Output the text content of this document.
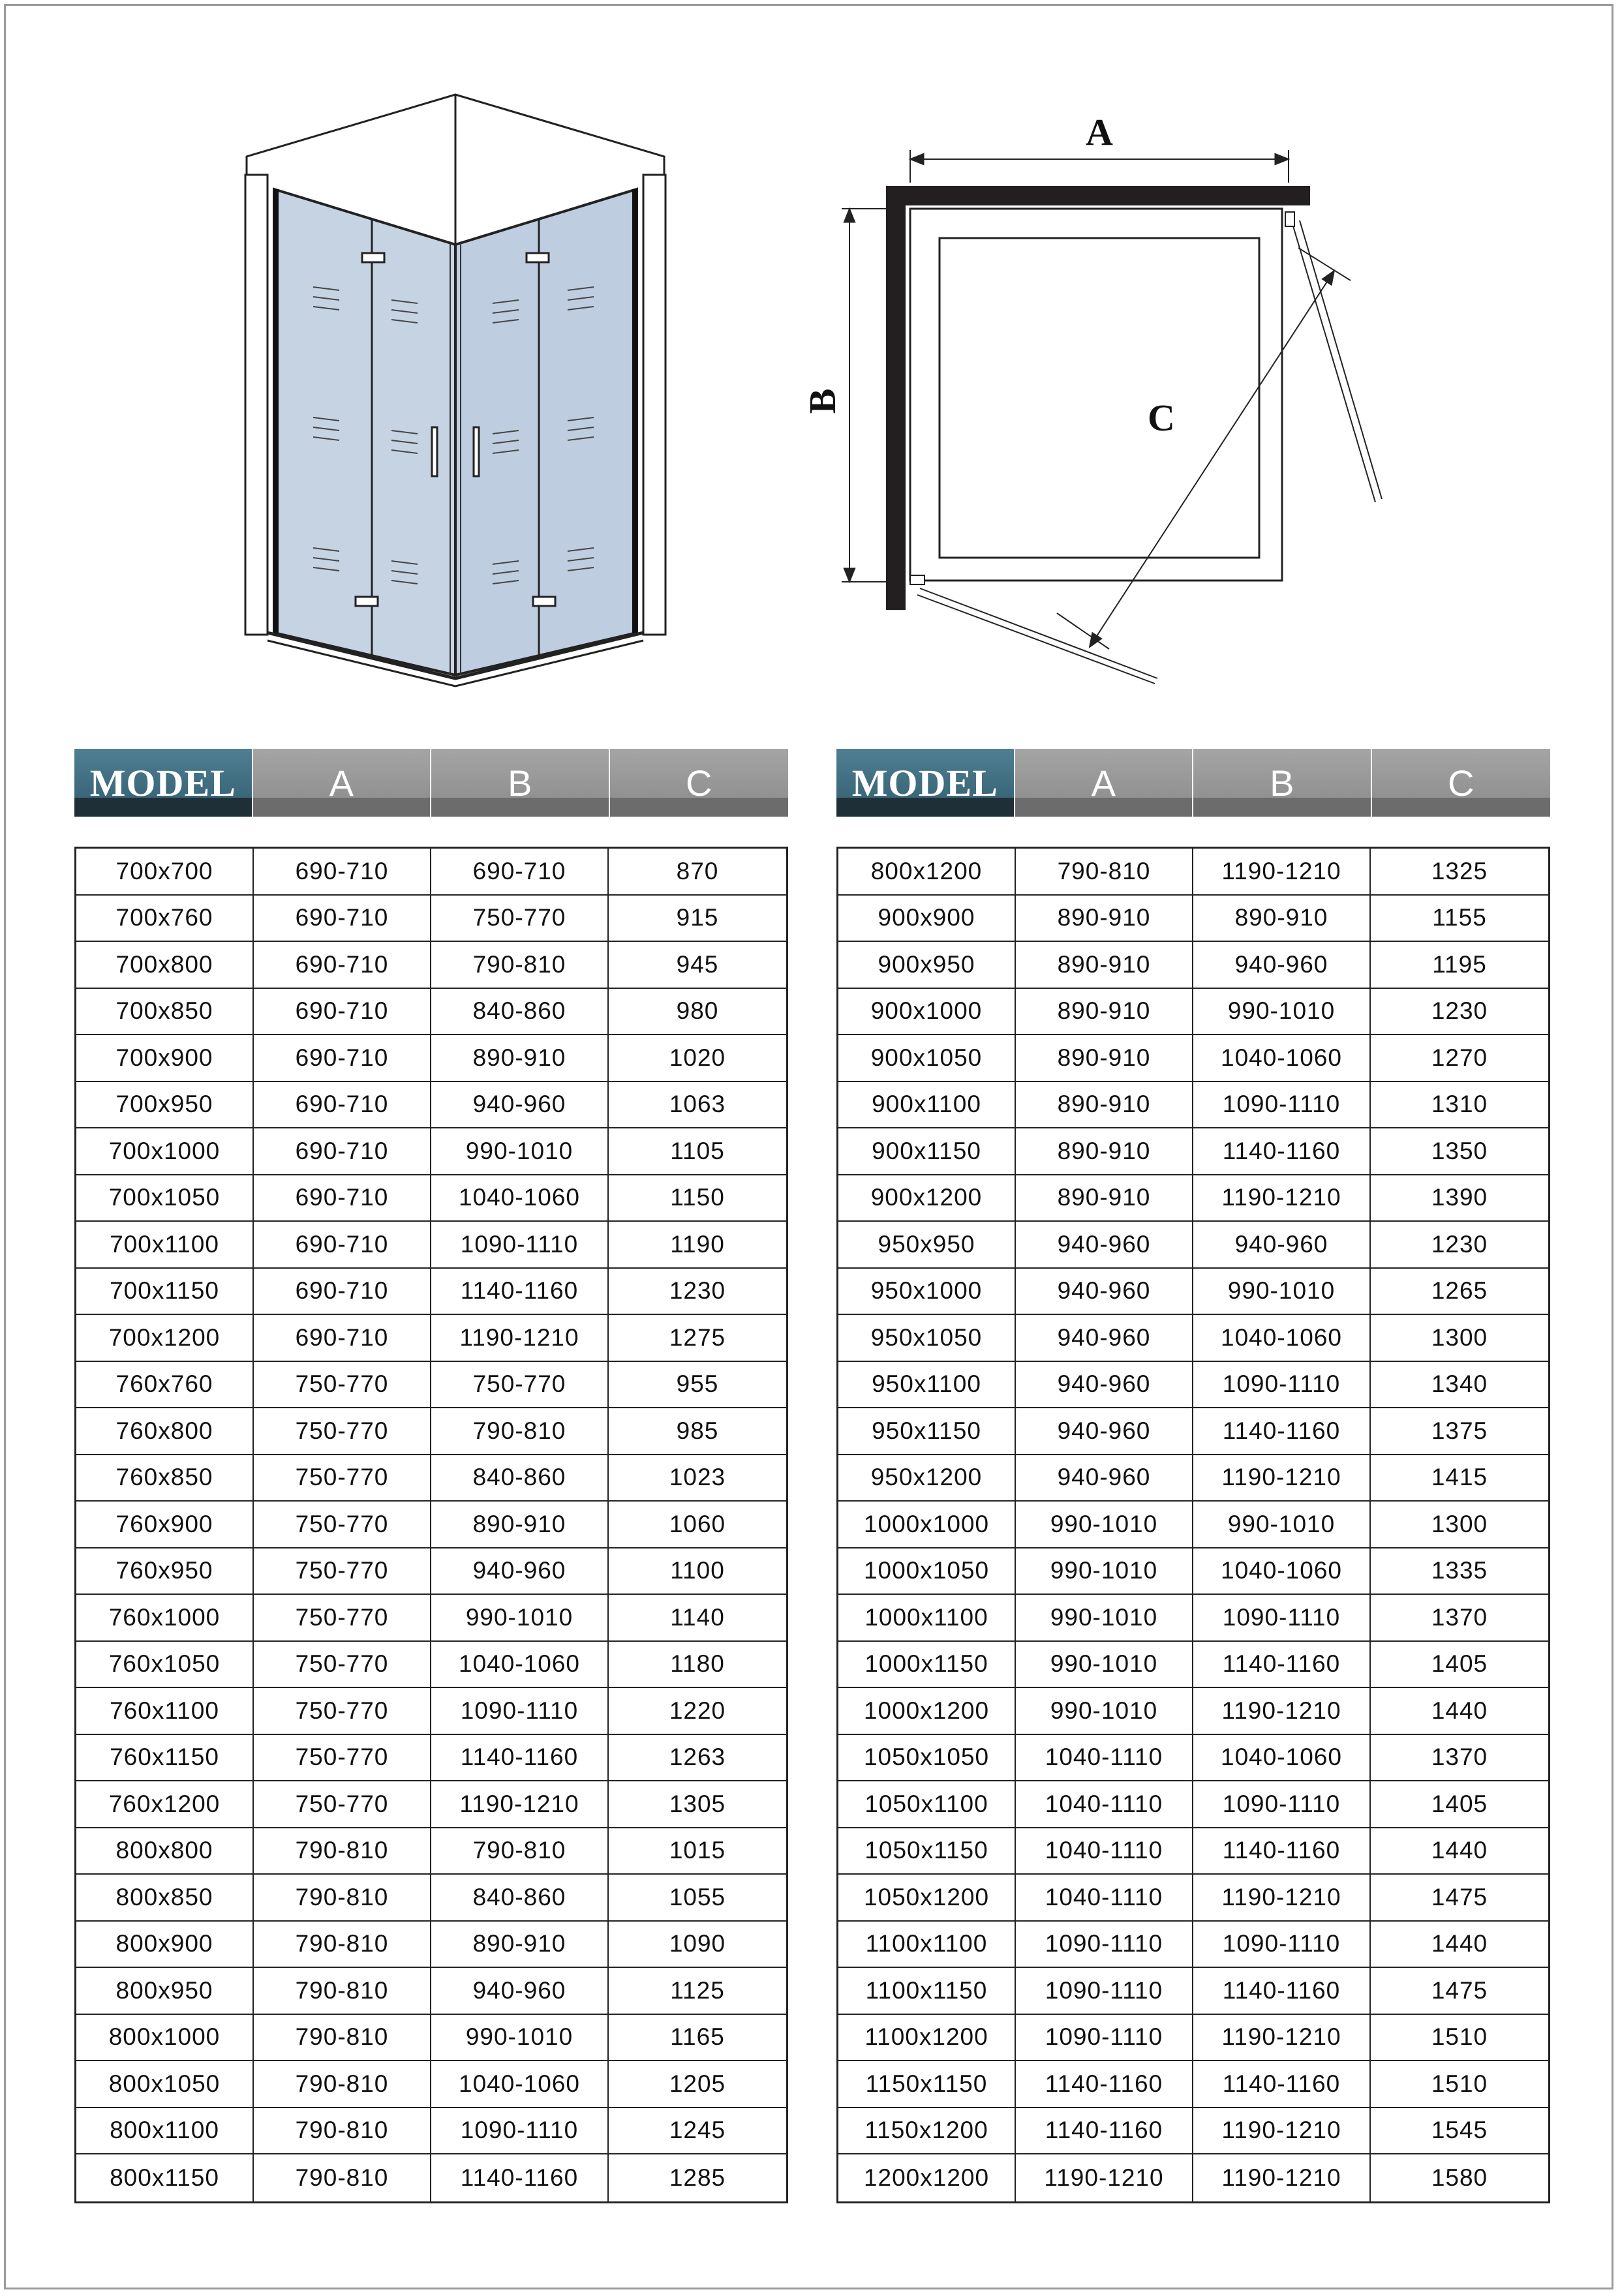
A
B	C
MODEL	A	B	C
700x700	690-710	690-710	870
700x760	690-710	750-770	915
700x800	690-710	790-810	945
700x850	690-710	840-860	980
700x900	690-710	890-910	1020
700x950	690-710	940-960	1063
700x1000	690-710	990-1010	1105
700x1050	690-710	1040-1060	1150
700x1100	690-710	1090-1110	1190
700x1150	690-710	1140-1160	1230
700x1200	690-710	1190-1210	1275
760x760	750-770	750-770	955
760x800	750-770	790-810	985
760x850	750-770	840-860	1023
760x900	750-770	890-910	1060
760x950	750-770	940-960	1100
760x1000	750-770	990-1010	1140
760x1050	750-770	1040-1060	1180
760x1100	750-770	1090-1110	1220
760x1150	750-770	1140-1160	1263
760x1200	750-770	1190-1210	1305
800x800	790-810	790-810	1015
800x850	790-810	840-860	1055
800x900	790-810	890-910	1090
800x950	790-810	940-960	1125
800x1000	790-810	990-1010	1165
800x1050	790-810	1040-1060	1205
800x1100	790-810	1090-1110	1245
800x1150	790-810	1140-1160	1285
MODEL	A	B	C
800x1200	790-810	1190-1210	1325
900x900	890-910	890-910	1155
900x950	890-910	940-960	1195
900x1000	890-910	990-1010	1230
900x1050	890-910	1040-1060	1270
900x1100	890-910	1090-1110	1310
900x1150	890-910	1140-1160	1350
900x1200	890-910	1190-1210	1390
950x950	940-960	940-960	1230
950x1000	940-960	990-1010	1265
950x1050	940-960	1040-1060	1300
950x1100	940-960	1090-1110	1340
950x1150	940-960	1140-1160	1375
950x1200	940-960	1190-1210	1415
1000x1000	990-1010	990-1010	1300
1000x1050	990-1010	1040-1060	1335
1000x1100	990-1010	1090-1110	1370
1000x1150	990-1010	1140-1160	1405
1000x1200	990-1010	1190-1210	1440
1050x1050	1040-1110	1040-1060	1370
1050x1100	1040-1110	1090-1110	1405
1050x1150	1040-1110	1140-1160	1440
1050x1200	1040-1110	1190-1210	1475
1100x1100	1090-1110	1090-1110	1440
1100x1150	1090-1110	1140-1160	1475
1100x1200	1090-1110	1190-1210	1510
1150x1150	1140-1160	1140-1160	1510
1150x1200	1140-1160	1190-1210	1545
1200x1200	1190-1210	1190-1210	1580
